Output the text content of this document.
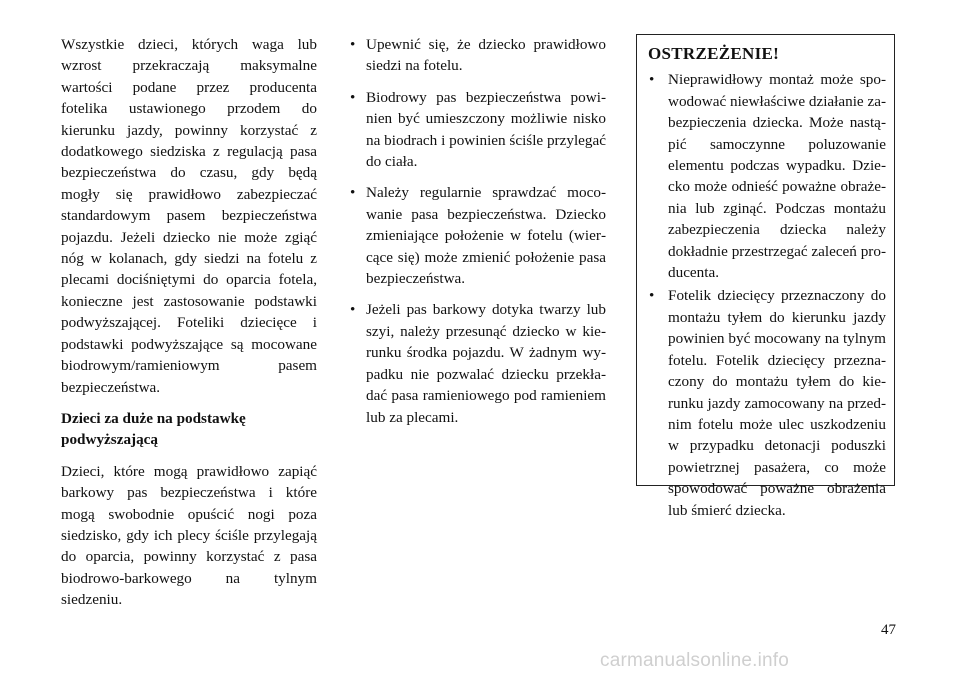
Wszystkie dzieci, których waga lub wzrost przekraczają maksymalne wartości podane przez producenta fotelika ustawionego przodem do kierunku jazdy, powinny korzystać z dodatkowego siedziska z regulacją pasa bezpieczeństwa do czasu, gdy będą mogły się prawidłowo zabezpieczać standardowym pasem bezpieczeństwa pojazdu. Jeżeli dziecko nie może zgiąć nóg w kolanach, gdy siedzi na fotelu z plecami dociśniętymi do oparcia fotela, konieczne jest zastosowanie podstawki podwyższającej. Foteliki dziecięce i podstawki podwyższające są mocowane biodrowym/ramieniowym pasem bezpieczeństwa.

Dzieci za duże na podstawkę podwyższającą

Dzieci, które mogą prawidłowo zapiąć barkowy pas bezpieczeństwa i które mogą swobodnie opuścić nogi poza siedzisko, gdy ich plecy ściśle przylegają do oparcia, powinny korzystać z pasa biodrowo-barkowego na tylnym siedzeniu.

• Upewnić się, że dziecko prawidłowo siedzi na fotelu.
• Biodrowy pas bezpieczeństwa powinien być umieszczony możliwie nisko na biodrach i powinien ściśle przylegać do ciała.
• Należy regularnie sprawdzać mocowanie pasa bezpieczeństwa. Dziecko zmieniające położenie w fotelu (wiercące się) może zmienić położenie pasa bezpieczeństwa.
• Jeżeli pas barkowy dotyka twarzy lub szyi, należy przesunąć dziecko w kierunku środka pojazdu. W żadnym wypadku nie pozwalać dziecku przekładać pasa ramieniowego pod ramieniem lub za plecami.
OSTRZEŻENIE!
• Nieprawidłowy montaż może spowodować niewłaściwe działanie zabezpieczenia dziecka. Może nastąpić samoczynne poluzowanie elementu podczas wypadku. Dziecko może odnieść poważne obrażenia lub zginąć. Podczas montażu zabezpieczenia dziecka należy dokładnie przestrzegać zaleceń producenta.
• Fotelik dziecięcy przeznaczony do montażu tyłem do kierunku jazdy powinien być mocowany na tylnym fotelu. Fotelik dziecięcy przeznaczony do montażu tyłem do kierunku jazdy zamocowany na przednim fotelu może ulec uszkodzeniu w przypadku detonacji poduszki powietrznej pasażera, co może spowodować poważne obrażenia lub śmierć dziecka.
47
carmanualsonline.info
